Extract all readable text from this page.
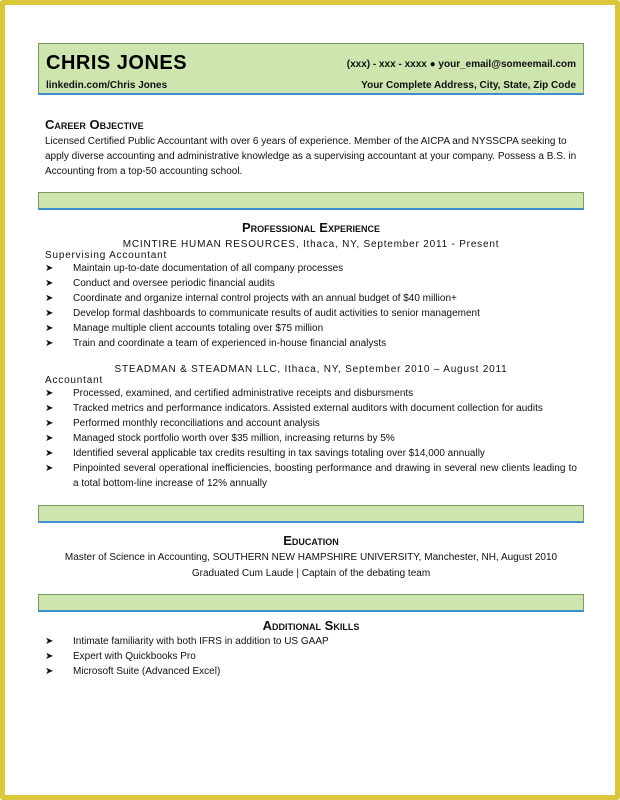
CHRIS JONES	(xxx) - xxx - xxxx ● your_email@someemail.com
linkedin.com/Chris Jones	Your Complete Address, City, State, Zip Code
Career Objective
Licensed Certified Public Accountant with over 6 years of experience. Member of the AICPA and NYSSCPA seeking to apply diverse accounting and administrative knowledge as a supervising accountant at your company. Possess a B.S. in Accounting from a top-50 accounting school.
Professional Experience
MCINTIRE HUMAN RESOURCES, Ithaca, NY, September 2011 - Present
Supervising Accountant
➤ Maintain up-to-date documentation of all company processes
➤ Conduct and oversee periodic financial audits
➤ Coordinate and organize internal control projects with an annual budget of $40 million+
➤ Develop formal dashboards to communicate results of audit activities to senior management
➤ Manage multiple client accounts totaling over $75 million
➤ Train and coordinate a team of experienced in-house financial analysts
STEADMAN & STEADMAN LLC, Ithaca, NY, September 2010 – August 2011
Accountant
➤ Processed, examined, and certified administrative receipts and disbursments
➤ Tracked metrics and performance indicators. Assisted external auditors with document collection for audits
➤ Performed monthly reconciliations and account analysis
➤ Managed stock portfolio worth over $35 million, increasing returns by 5%
➤ Identified several applicable tax credits resulting in tax savings totaling over $14,000 annually
➤ Pinpointed several operational inefficiencies, boosting performance and drawing in several new clients leading to a total bottom-line increase of 12% annually
Education
Master of Science in Accounting, SOUTHERN NEW HAMPSHIRE UNIVERSITY, Manchester, NH, August 2010
Graduated Cum Laude | Captain of the debating team
Additional Skills
➤ Intimate familiarity with both IFRS in addition to US GAAP
➤ Expert with Quickbooks Pro
➤ Microsoft Suite (Advanced Excel)
